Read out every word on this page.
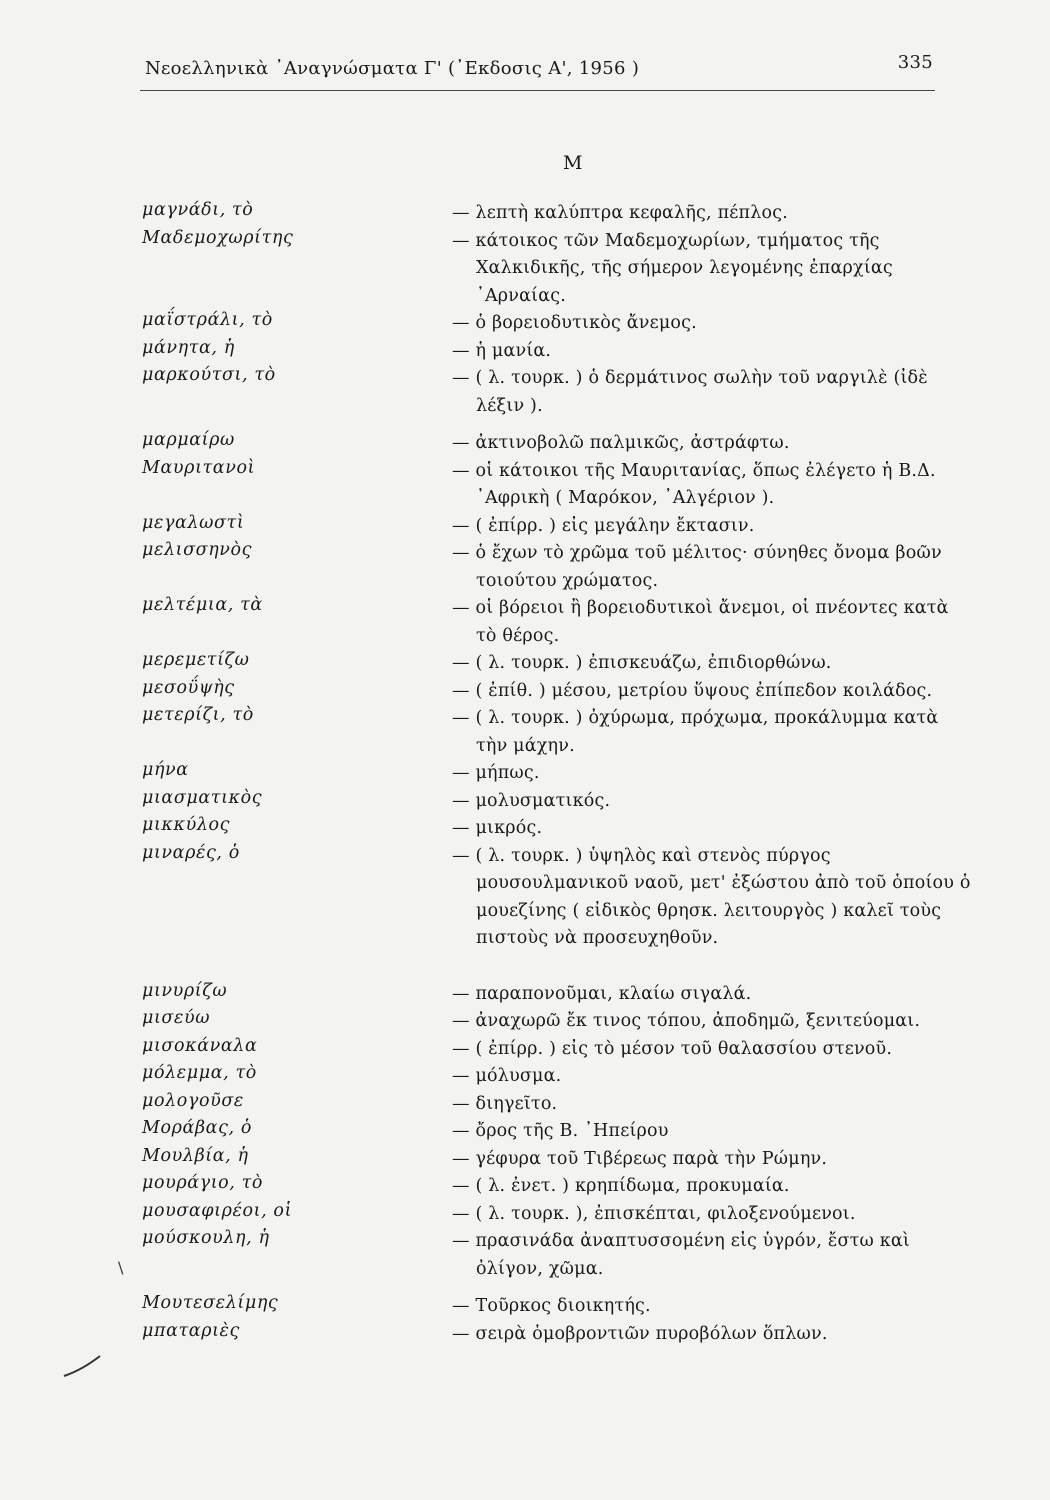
Νεοελληνικὰ ᾿Αναγνώσματα Γ' (᾿Εκδοσις Α', 1956 )	335
M
μαγνάδι, τὸ	— λεπτὴ καλύπτρα κεφαλῆς, πέπλος.
Μαδεμοχωρίτης	— κάτοικος τῶν Μαδεμοχωρίων, τμήματος τῆς Χαλκιδικῆς, τῆς σήμερον λεγομένης ἐπαρχίας ᾿Αρναίας.
μαΐστράλι, τὸ	— ὁ βορειοδυτικὸς ἄνεμος.
μάνητα, ἡ	— ἡ μανία.
μαρκούτσι, τὸ	— ( λ. τουρκ. ) ὁ δερμάτινος σωλὴν τοῦ ναργιλὲ (ἰδὲ λέξιν ).
μαρμαίρω	— ἀκτινοβολῶ παλμικῶς, ἀστράφτω.
Μαυριτανοὶ	— οἱ κάτοικοι τῆς Μαυριτανίας, ὅπως ἐλέγετο ἡ Β.Δ. ᾿Αφρικὴ ( Μαρόκον, ᾿Αλγέριον ).
μεγαλωστὶ	— ( ἐπίρρ. ) εἰς μεγάλην ἔκτασιν.
μελισσηνὸς	— ὁ ἔχων τὸ χρῶμα τοῦ μέλιτος· σύνηθες ὄνομα βοῶν τοιούτου χρώματος.
μελτέμια, τὰ	— οἱ βόρειοι ἢ βορειοδυτικοὶ ἄνεμοι, οἱ πνέοντες κατὰ τὸ θέρος.
μερεμετίζω	— ( λ. τουρκ. ) ἐπισκευάζω, ἐπιδιορθώνω.
μεσοΰψὴς	— ( ἐπίθ. ) μέσου, μετρίου ὕψους ἐπίπεδον κοιλάδος.
μετερίζι, τὸ	— ( λ. τουρκ. ) ὀχύρωμα, πρόχωμα, προκάλυμμα κατὰ τὴν μάχην.
μήνα	— μήπως.
μιασματικὸς	— μολυσματικός.
μικκύλος	— μικρός.
μιναρές, ὁ	— ( λ. τουρκ. ) ὑψηλὸς καὶ στενὸς πύργος μουσουλμανικοῦ ναοῦ, μετ' ἐξώστου ἀπὸ τοῦ ὁποίου ὁ μουεζίνης ( εἰδικὸς θρησκ. λειτουργὸς ) καλεῖ τοὺς πιστοὺς νὰ προσευχηθοῦν.
μινυρίζω	— παραπονοῦμαι, κλαίω σιγαλά.
μισεύω	— ἀναχωρῶ ἔκ τινος τόπου, ἀποδημῶ, ξενιτεύομαι.
μισοκάναλα	— ( ἐπίρρ. ) εἰς τὸ μέσον τοῦ θαλασσίου στενοῦ.
μόλεμμα, τὸ	— μόλυσμα.
μολογοῦσε	— διηγεῖτο.
Μοράβας, ὁ	— ὄρος τῆς Β. ᾿Ηπείρου
Μουλβία, ἡ	— γέφυρα τοῦ Τιβέρεως παρὰ τὴν Ρώμην.
μουράγιο, τὸ	— ( λ. ἐνετ. ) κρηπίδωμα, προκυμαία.
μουσαφιρέοι, οἱ	— ( λ. τουρκ. ), ἐπισκέπται, φιλοξενούμενοι.
μούσκουλη, ἡ	— πρασινάδα ἀναπτυσσομένη εἰς ὑγρόν, ἔστω καὶ ὀλίγον, χῶμα.
Μουτεσελίμης	— Τοῦρκος διοικητής.
μπαταριὲς	— σειρὰ ὁμοβροντιῶν πυροβόλων ὅπλων.
\
